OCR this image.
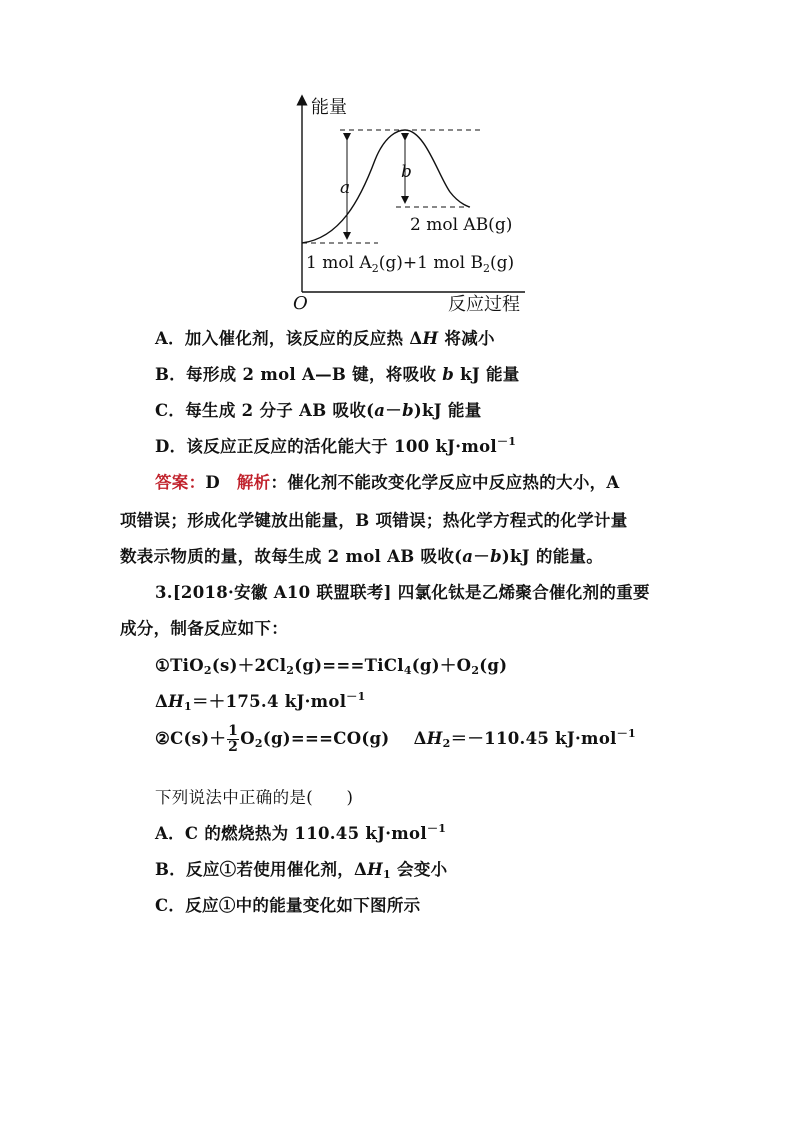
能量
反应过程
O
a
b
2 mol AB(g)
1 mol $A_2(g)+1$ mol $B_2(g)$
A．加入催化剂，该反应的反应热 ΔH 将减小
B．每形成 2 mol A—B 键，将吸收 b kJ 能量
C．每生成 2 分子 AB 吸收(a－b)kJ 能量
D．该反应正反应的活化能大于 100 kJ·mol$^{-1}$
答案：D　 解析：催化剂不能改变化学反应中反应热的大小，A
项错误；形成化学键放出能量，B 项错误；热化学方程式的化学计量
数表示物质的量，故每生成 2 mol AB 吸收(a－b)kJ 的能量。
3.[2018·安徽 A10 联盟联考] 四氯化钛是乙烯聚合催化剂的重要
成分，制备反应如下：
$①TiO_2(s)+2Cl_2(g)===TiCl_4(g)+O_2(g)$
$\Delta H_1=+175.4$ kJ·mol$^{-1}$
②C(s)＋ $\frac{1}{2} O_2(g)===CO(g)$    $\Delta H_2=-110.45$ kJ·mol$^{-1}$
下列说法中正确的是(　　)
A．C 的燃烧热为 110.45 kJ·mol$^{-1}$
B．反应①若使用催化剂，$\Delta H_1$ 会变小
C．反应①中的能量变化如下图所示
